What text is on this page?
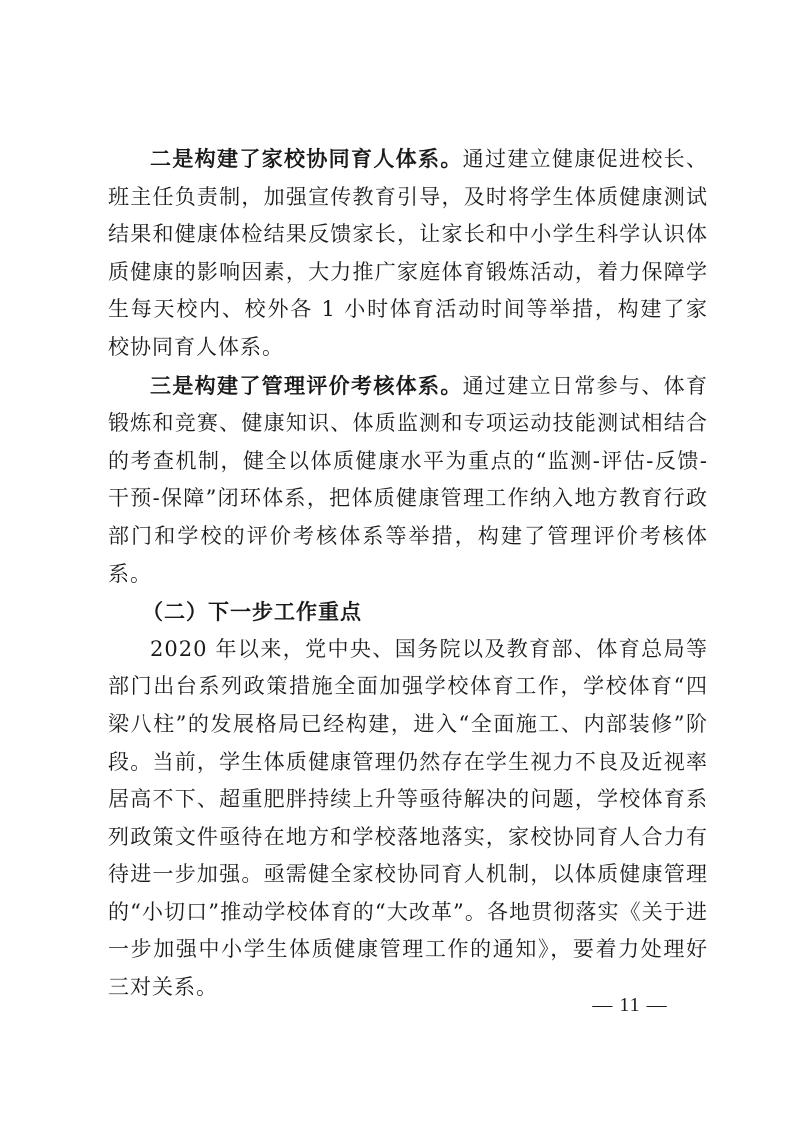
二是构建了家校协同育人体系。通过建立健康促进校长、班主任负责制，加强宣传教育引导，及时将学生体质健康测试结果和健康体检结果反馈家长，让家长和中小学生科学认识体质健康的影响因素，大力推广家庭体育锻炼活动，着力保障学生每天校内、校外各 1 小时体育活动时间等举措，构建了家校协同育人体系。

三是构建了管理评价考核体系。通过建立日常参与、体育锻炼和竞赛、健康知识、体质监测和专项运动技能测试相结合的考查机制，健全以体质健康水平为重点的“监测-评估-反馈-干预-保障”闭环体系，把体质健康管理工作纳入地方教育行政部门和学校的评价考核体系等举措，构建了管理评价考核体系。

（二）下一步工作重点

2020 年以来，党中央、国务院以及教育部、体育总局等部门出台系列政策措施全面加强学校体育工作，学校体育“四梁八柱”的发展格局已经构建，进入“全面施工、内部装修”阶段。当前，学生体质健康管理仍然存在学生视力不良及近视率居高不下、超重肥胖持续上升等亟待解决的问题，学校体育系列政策文件亟待在地方和学校落地落实，家校协同育人合力有待进一步加强。亟需健全家校协同育人机制，以体质健康管理的“小切口”推动学校体育的“大改革”。各地贯彻落实《关于进一步加强中小学生体质健康管理工作的通知》，要着力处理好三对关系。

— 11 —
